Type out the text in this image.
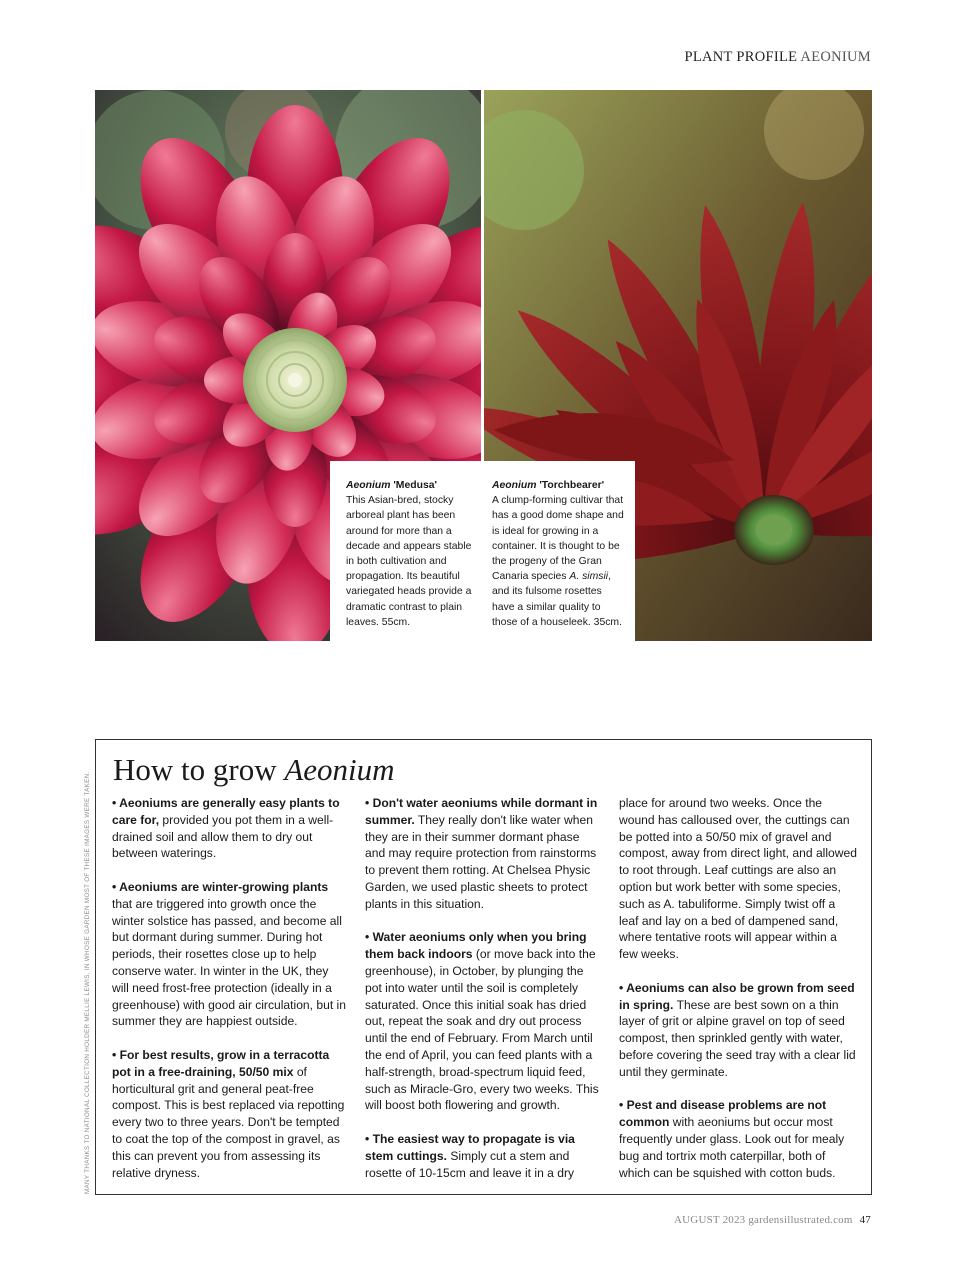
PLANT PROFILE AEONIUM
Aeonium 'Medusa'
This Asian-bred, stocky arboreal plant has been around for more than a decade and appears stable in both cultivation and propagation. Its beautiful variegated heads provide a dramatic contrast to plain leaves. 55cm.
Aeonium 'Torchbearer'
A clump-forming cultivar that has a good dome shape and is ideal for growing in a container. It is thought to be the progeny of the Gran Canaria species A. simsii, and its fulsome rosettes have a similar quality to those of a houseleek. 35cm.
MANY THANKS TO NATIONAL COLLECTION HOLDER MELLIE LEWIS, IN WHOSE GARDEN MOST OF THESE IMAGES WERE TAKEN.
How to grow Aeonium

• Aeoniums are generally easy plants to care for, provided you pot them in a well-drained soil and allow them to dry out between waterings.

• Aeoniums are winter-growing plants that are triggered into growth once the winter solstice has passed, and become all but dormant during summer. During hot periods, their rosettes close up to help conserve water. In winter in the UK, they will need frost-free protection (ideally in a greenhouse) with good air circulation, but in summer they are happiest outside.

• For best results, grow in a terracotta pot in a free-draining, 50/50 mix of horticultural grit and general peat-free compost. This is best replaced via repotting every two to three years. Don't be tempted to coat the top of the compost in gravel, as this can prevent you from assessing its relative dryness.

• Don't water aeoniums while dormant in summer. They really don't like water when they are in their summer dormant phase and may require protection from rainstorms to prevent them rotting. At Chelsea Physic Garden, we used plastic sheets to protect plants in this situation.

• Water aeoniums only when you bring them back indoors (or move back into the greenhouse), in October, by plunging the pot into water until the soil is completely saturated. Once this initial soak has dried out, repeat the soak and dry out process until the end of February. From March until the end of April, you can feed plants with a half-strength, broad-spectrum liquid feed, such as Miracle-Gro, every two weeks. This will boost both flowering and growth.

• The easiest way to propagate is via stem cuttings. Simply cut a stem and rosette of 10-15cm and leave it in a dry

place for around two weeks. Once the wound has calloused over, the cuttings can be potted into a 50/50 mix of gravel and compost, away from direct light, and allowed to root through. Leaf cuttings are also an option but work better with some species, such as A. tabuliforme. Simply twist off a leaf and lay on a bed of dampened sand, where tentative roots will appear within a few weeks.

• Aeoniums can also be grown from seed in spring. These are best sown on a thin layer of grit or alpine gravel on top of seed compost, then sprinkled gently with water, before covering the seed tray with a clear lid until they germinate.

• Pest and disease problems are not common with aeoniums but occur most frequently under glass. Look out for mealy bug and tortrix moth caterpillar, both of which can be squished with cotton buds.

AUGUST 2023 gardensillustrated.com 47
